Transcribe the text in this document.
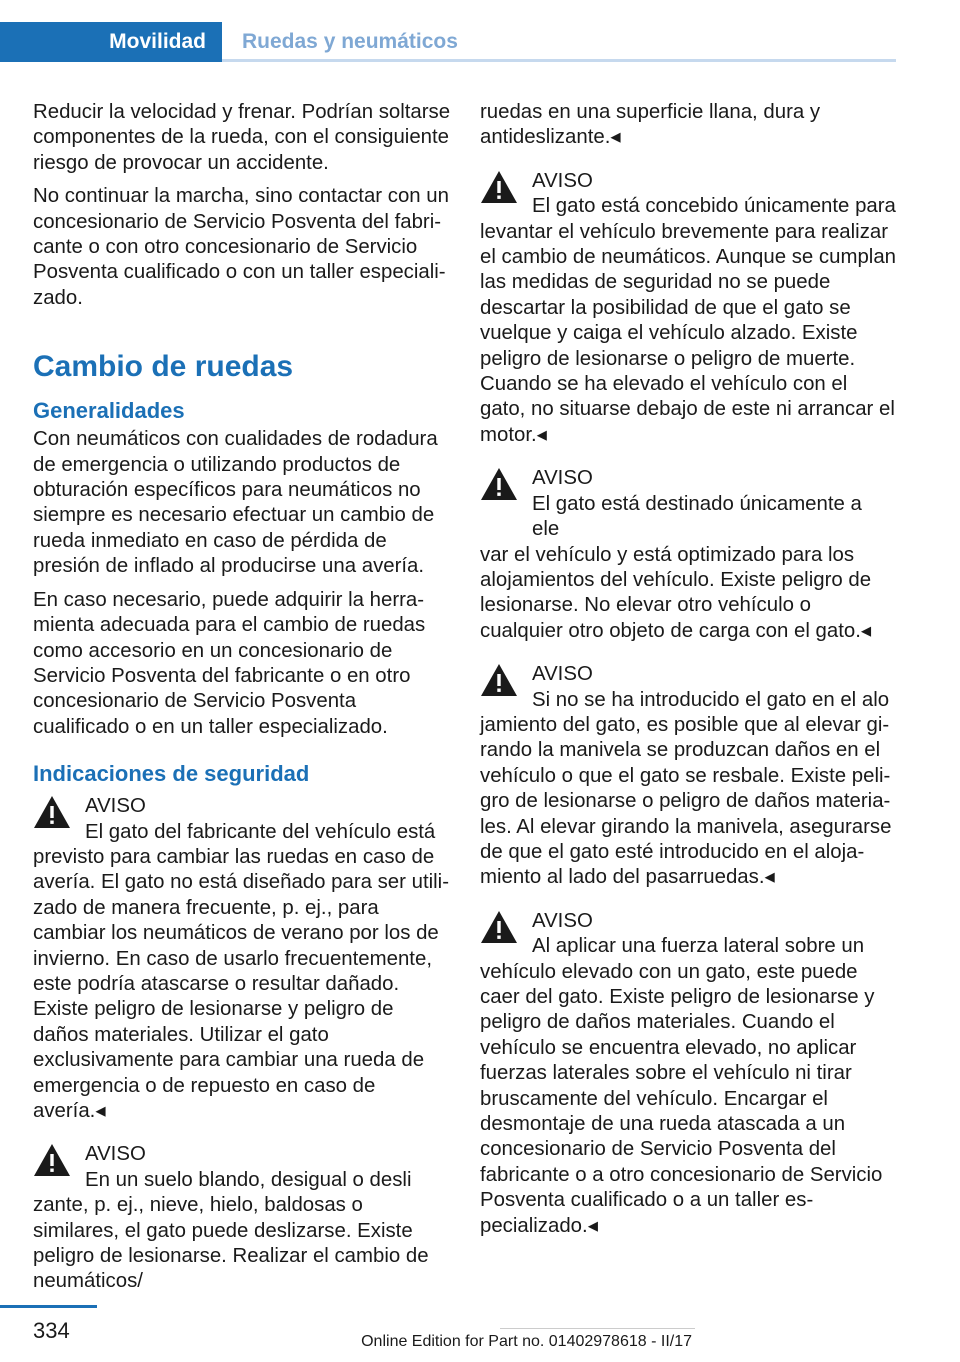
Movilidad Ruedas y neumáticos

Reducir la velocidad y frenar. Podrían soltarse componentes de la rueda, con el consiguiente riesgo de provocar un accidente.

No continuar la marcha, sino contactar con un concesionario de Servicio Posventa del fabricante o con otro concesionario de Servicio Posventa cualificado o con un taller especializado.

Cambio de ruedas
Generalidades

Con neumáticos con cualidades de rodadura de emergencia o utilizando productos de obturación específicos para neumáticos no siempre es necesario efectuar un cambio de rueda inmediato en caso de pérdida de presión de inflado al producirse una avería.

En caso necesario, puede adquirir la herramienta adecuada para el cambio de ruedas como accesorio en un concesionario de Servicio Posventa del fabricante o en otro concesionario de Servicio Posventa cualificado o en un taller especializado.

Indicaciones de seguridad
AVISO
El gato del fabricante del vehículo está
previsto para cambiar las ruedas en caso de avería. El gato no está diseñado para ser utilizado de manera frecuente, p. ej., para cambiar los neumáticos de verano por los de invierno. En caso de usarlo frecuentemente, este podría atascarse o resultar dañado. Existe peligro de lesionarse y peligro de daños materiales. Utilizar el gato exclusivamente para cambiar una rueda de emergencia o de repuesto en caso de avería.◂
AVISO
En un suelo blando, desigual o desli
zante, p. ej., nieve, hielo, baldosas o similares, el gato puede deslizarse. Existe peligro de lesionarse. Realizar el cambio de neumáticos/

ruedas en una superficie llana, dura y antideslizante.◂

AVISO
El gato está concebido únicamente para
levantar el vehículo brevemente para realizar el cambio de neumáticos. Aunque se cumplan las medidas de seguridad no se puede descartar la posibilidad de que el gato se vuelque y caiga el vehículo alzado. Existe peligro de lesionarse o peligro de muerte. Cuando se ha elevado el vehículo con el gato, no situarse debajo de este ni arrancar el motor.◂
AVISO
El gato está destinado únicamente a ele
var el vehículo y está optimizado para los alojamientos del vehículo. Existe peligro de lesionarse. No elevar otro vehículo o cualquier otro objeto de carga con el gato.◂
AVISO
Si no se ha introducido el gato en el alo
jamiento del gato, es posible que al elevar girando la manivela se produzcan daños en el vehículo o que el gato se resbale. Existe peligro de lesionarse o peligro de daños materiales. Al elevar girando la manivela, asegurarse de que el gato esté introducido en el alojamiento al lado del pasarruedas.◂
AVISO
Al aplicar una fuerza lateral sobre un
vehículo elevado con un gato, este puede caer del gato. Existe peligro de lesionarse y peligro de daños materiales. Cuando el vehículo se encuentra elevado, no aplicar fuerzas laterales sobre el vehículo ni tirar bruscamente del vehículo. Encargar el desmontaje de una rueda atascada a un concesionario de Servicio Posventa del fabricante o a otro concesionario de Servicio Posventa cualificado o a un taller especializado.◂
334	Online Edition for Part no. 01402978618 - II/17
